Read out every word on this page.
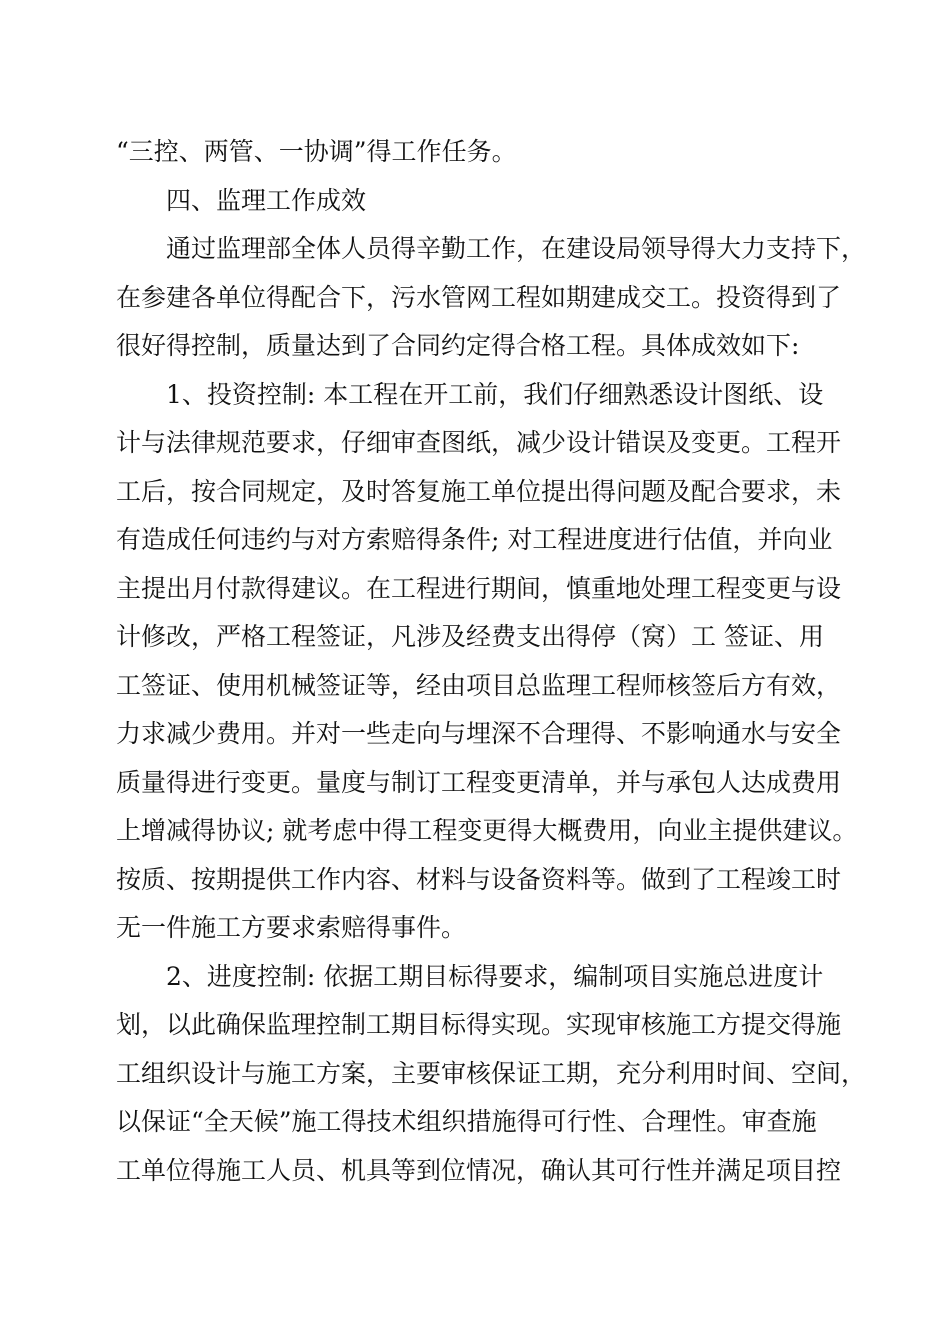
“三控、两管、一协调”得工作任务。
四、监理工作成效
通过监理部全体人员得辛勤工作，在建设局领导得大力支持下，
在参建各单位得配合下，污水管网工程如期建成交工。投资得到了
很好得控制，质量达到了合同约定得合格工程。具体成效如下:
1、投资控制: 本工程在开工前，我们仔细熟悉设计图纸、设
计与法律规范要求，仔细审查图纸，减少设计错误及变更。工程开
工后，按合同规定，及时答复施工单位提出得问题及配合要求，未
有造成任何违约与对方索赔得条件; 对工程进度进行估值，并向业
主提出月付款得建议。在工程进行期间，慎重地处理工程变更与设
计修改，严格工程签证，凡涉及经费支出得停（窝）工 签证、用
工签证、使用机械签证等，经由项目总监理工程师核签后方有效，
力求减少费用。并对一些走向与埋深不合理得、不影响通水与安全
质量得进行变更。量度与制订工程变更清单，并与承包人达成费用
上增减得协议; 就考虑中得工程变更得大概费用，向业主提供建议。
按质、按期提供工作内容、材料与设备资料等。做到了工程竣工时
无一件施工方要求索赔得事件。
2、进度控制: 依据工期目标得要求，编制项目实施总进度计
划，以此确保监理控制工期目标得实现。实现审核施工方提交得施
工组织设计与施工方案，主要审核保证工期，充分利用时间、空间，
以保证“全天候”施工得技术组织措施得可行性、合理性。审查施
工单位得施工人员、机具等到位情况，确认其可行性并满足项目控
